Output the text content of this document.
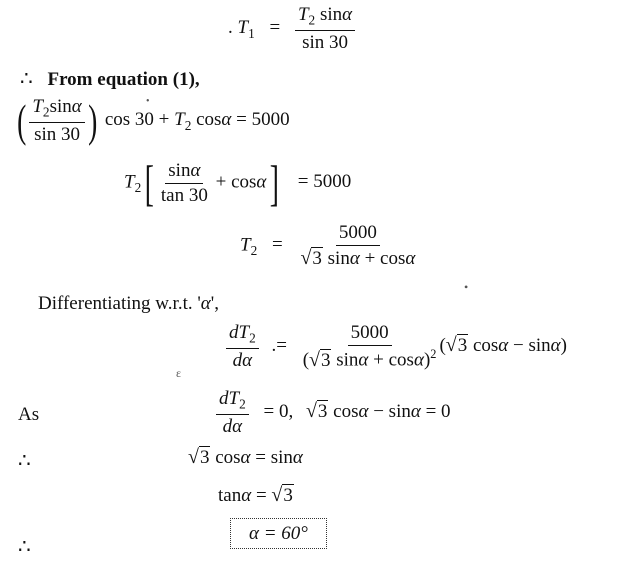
. $T_1 = \frac{T_2 \sin\alpha}{\sin 30}$
∴ From equation (1),
( $\frac{T_2\sin\alpha}{\sin 30}$ ) $\cos 30 + T_2$ cosα = 5000
$T_2[ \frac{\sin\alpha}{\tan 30} + \cos\alpha] = 5000$
$T_2 = \frac{5000}{√3 \sin\alpha + \cos\alpha}$
Differentiating w.r.t. 'α',
$\frac{dT_2}{d\alpha}$ .= $\frac{5000}{(√3 \sin\alpha + \cos\alpha)^2} (√3$ cosα − sinα)
As	$\frac{dT_2}{d\alpha} = 0$, √3 cosα − sinα = 0
∴	√3 cosα = sinα
tanα = √3
∴
α = 60°
•
•
ɛ
